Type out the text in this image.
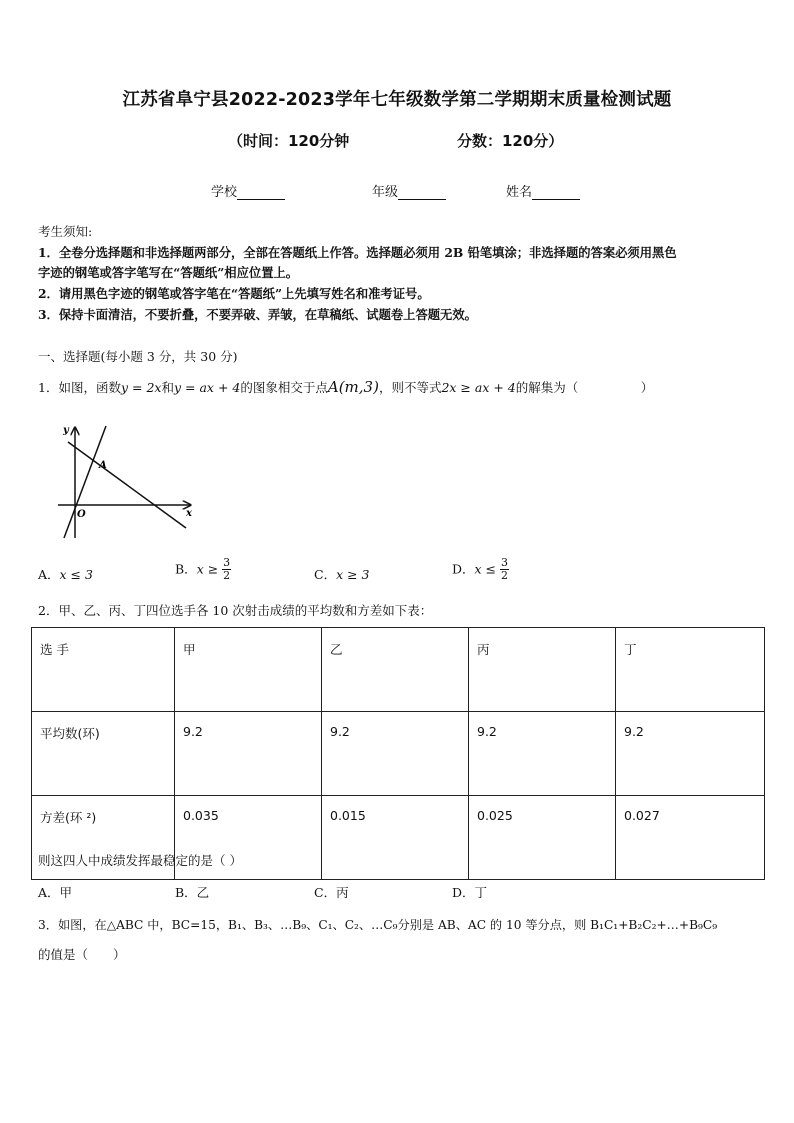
江苏省阜宁县2022-2023学年七年级数学第二学期期末质量检测试题
（时间：120分钟	分数：120分）
学校	年级	姓名
考生须知:
1．全卷分选择题和非选择题两部分，全部在答题纸上作答。选择题必须用 2B 铅笔填涂；非选择题的答案必须用黑色
字迹的钢笔或答字笔写在“答题纸”相应位置上。
2．请用黑色字迹的钢笔或答字笔在“答题纸”上先填写姓名和准考证号。
3．保持卡面清洁，不要折叠，不要弄破、弄皱，在草稿纸、试题卷上答题无效。
一、选择题(每小题 3 分，共 30 分)
1．如图，函数y = 2x和y = ax + 4的图象相交于点A(m,3)，则不等式2x ≥ ax + 4的解集为（　　　　　）
y
x
O
A
A．x ≤ 3	B．$x \ge \frac{3}{2}$	C．x ≥ 3	D．$x \le \frac{3}{2}$
2．甲、乙、丙、丁四位选手各 10 次射击成绩的平均数和方差如下表：
选 手	甲	乙	丙	丁
平均数(环)	9.2	9.2	9.2	9.2
方差(环 ²)	0.035	0.015	0.025	0.027
则这四人中成绩发挥最稳定的是（ ）
A．甲	B．乙	C．丙	D．丁
3．如图，在△ABC 中，BC=15，B₁、B₃、…B₉、C₁、C₂、…C₉分别是 AB、AC 的 10 等分点，则 B₁C₁+B₂C₂+…+B₉C₉
的值是（　　）
